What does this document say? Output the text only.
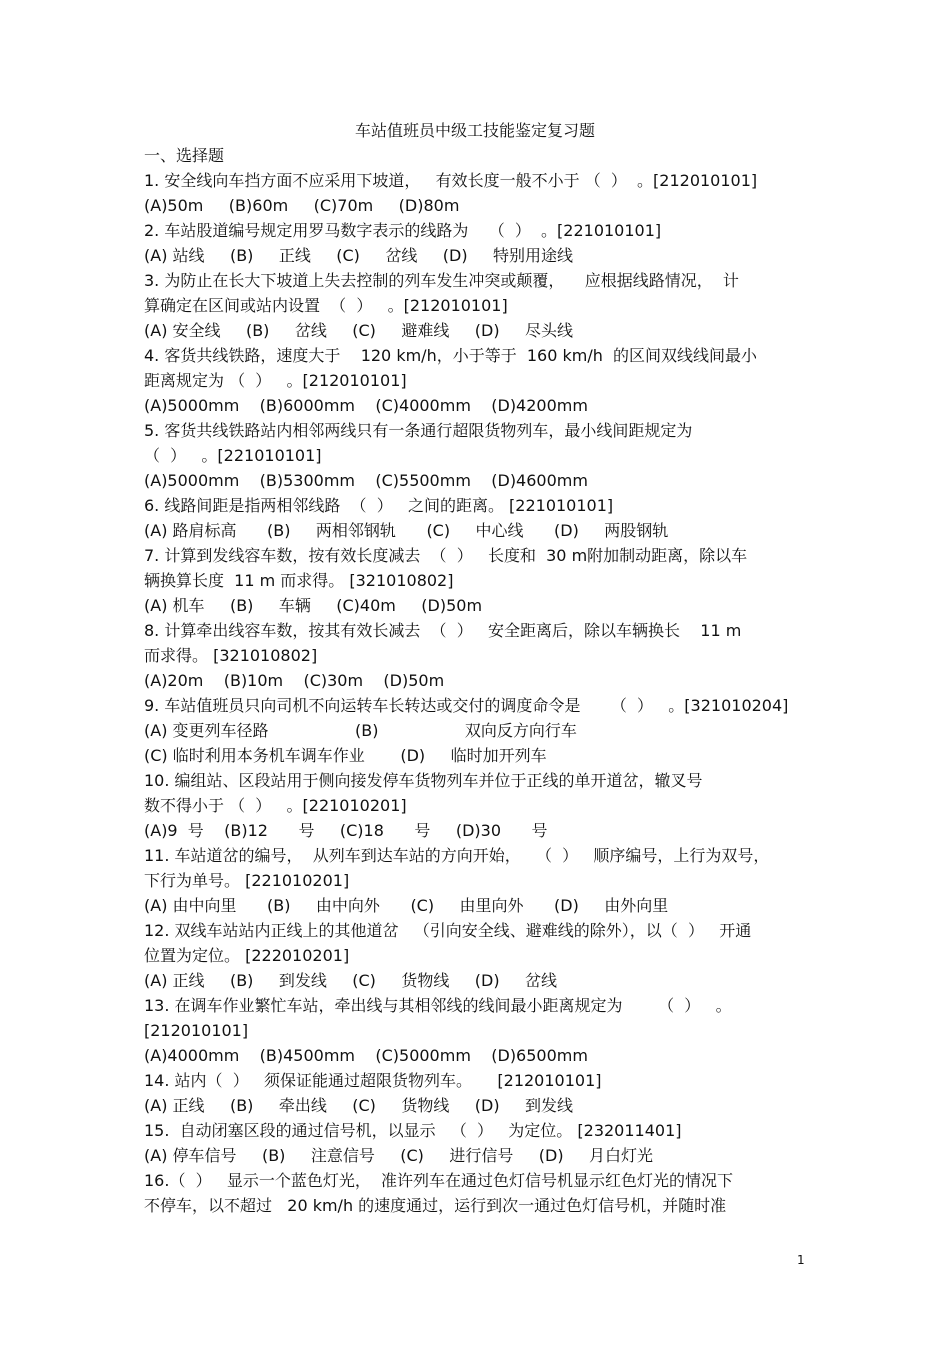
车站值班员中级工技能鉴定复习题
一、选择题
1. 安全线向车挡方面不应采用下坡道，   有效长度一般不小于 （  ）  。[212010101]
(A)50m     (B)60m     (C)70m     (D)80m
2. 车站股道编号规定用罗马数字表示的线路为    （  ）  。[221010101]
(A) 站线     (B)     正线     (C)     岔线     (D)     特别用途线
3. 为防止在长大下坡道上失去控制的列车发生冲突或颠覆，    应根据线路情况，  计
算确定在区间或站内设置  （  ）   。[212010101]
(A) 安全线     (B)     岔线     (C)     避难线     (D)     尽头线
4. 客货共线铁路，速度大于    120 km/h，小于等于  160 km/h  的区间双线线间最小
距离规定为 （  ）   。[212010101]
(A)5000mm    (B)6000mm    (C)4000mm    (D)4200mm
5. 客货共线铁路站内相邻两线只有一条通行超限货物列车，最小线间距规定为
（  ）   。[221010101]
(A)5000mm    (B)5300mm    (C)5500mm    (D)4600mm
6. 线路间距是指两相邻线路  （  ）   之间的距离。 [221010101]
(A) 路肩标高      (B)     两相邻钢轨      (C)     中心线      (D)     两股钢轨
7. 计算到发线容车数，按有效长度减去  （  ）   长度和  30 m附加制动距离，除以车
辆换算长度  11 m 而求得。 [321010802]
(A) 机车     (B)     车辆     (C)40m     (D)50m
8. 计算牵出线容车数，按其有效长减去  （  ）   安全距离后，除以车辆换长    11 m
而求得。 [321010802]
(A)20m    (B)10m    (C)30m    (D)50m
9. 车站值班员只向司机不向运转车长转达或交付的调度命令是      （  ）   。[321010204]
(A) 变更列车径路                 (B)                 双向反方向行车
(C) 临时利用本务机车调车作业       (D)     临时加开列车
10. 编组站、区段站用于侧向接发停车货物列车并位于正线的单开道岔，辙叉号
数不得小于 （  ）   。[221010201]
(A)9  号    (B)12      号     (C)18      号     (D)30      号
11. 车站道岔的编号，  从列车到达车站的方向开始，   （  ）   顺序编号，上行为双号，
下行为单号。 [221010201]
(A) 由中向里      (B)     由中向外      (C)     由里向外      (D)     由外向里
12. 双线车站站内正线上的其他道岔   （引向安全线、避难线的除外），以（  ）   开通
位置为定位。 [222010201]
(A) 正线     (B)     到发线     (C)     货物线     (D)     岔线
13. 在调车作业繁忙车站，牵出线与其相邻线的线间最小距离规定为       （  ）   。
[212010101]
(A)4000mm    (B)4500mm    (C)5000mm    (D)6500mm
14. 站内（  ）   须保证能通过超限货物列车。     [212010101]
(A) 正线     (B)     牵出线     (C)     货物线     (D)     到发线
15.  自动闭塞区段的通过信号机，以显示   （  ）   为定位。 [232011401]
(A) 停车信号     (B)     注意信号     (C)     进行信号     (D)     月白灯光
16.（  ）   显示一个蓝色灯光，  准许列车在通过色灯信号机显示红色灯光的情况下
不停车，以不超过   20 km/h 的速度通过，运行到次一通过色灯信号机，并随时准
1
